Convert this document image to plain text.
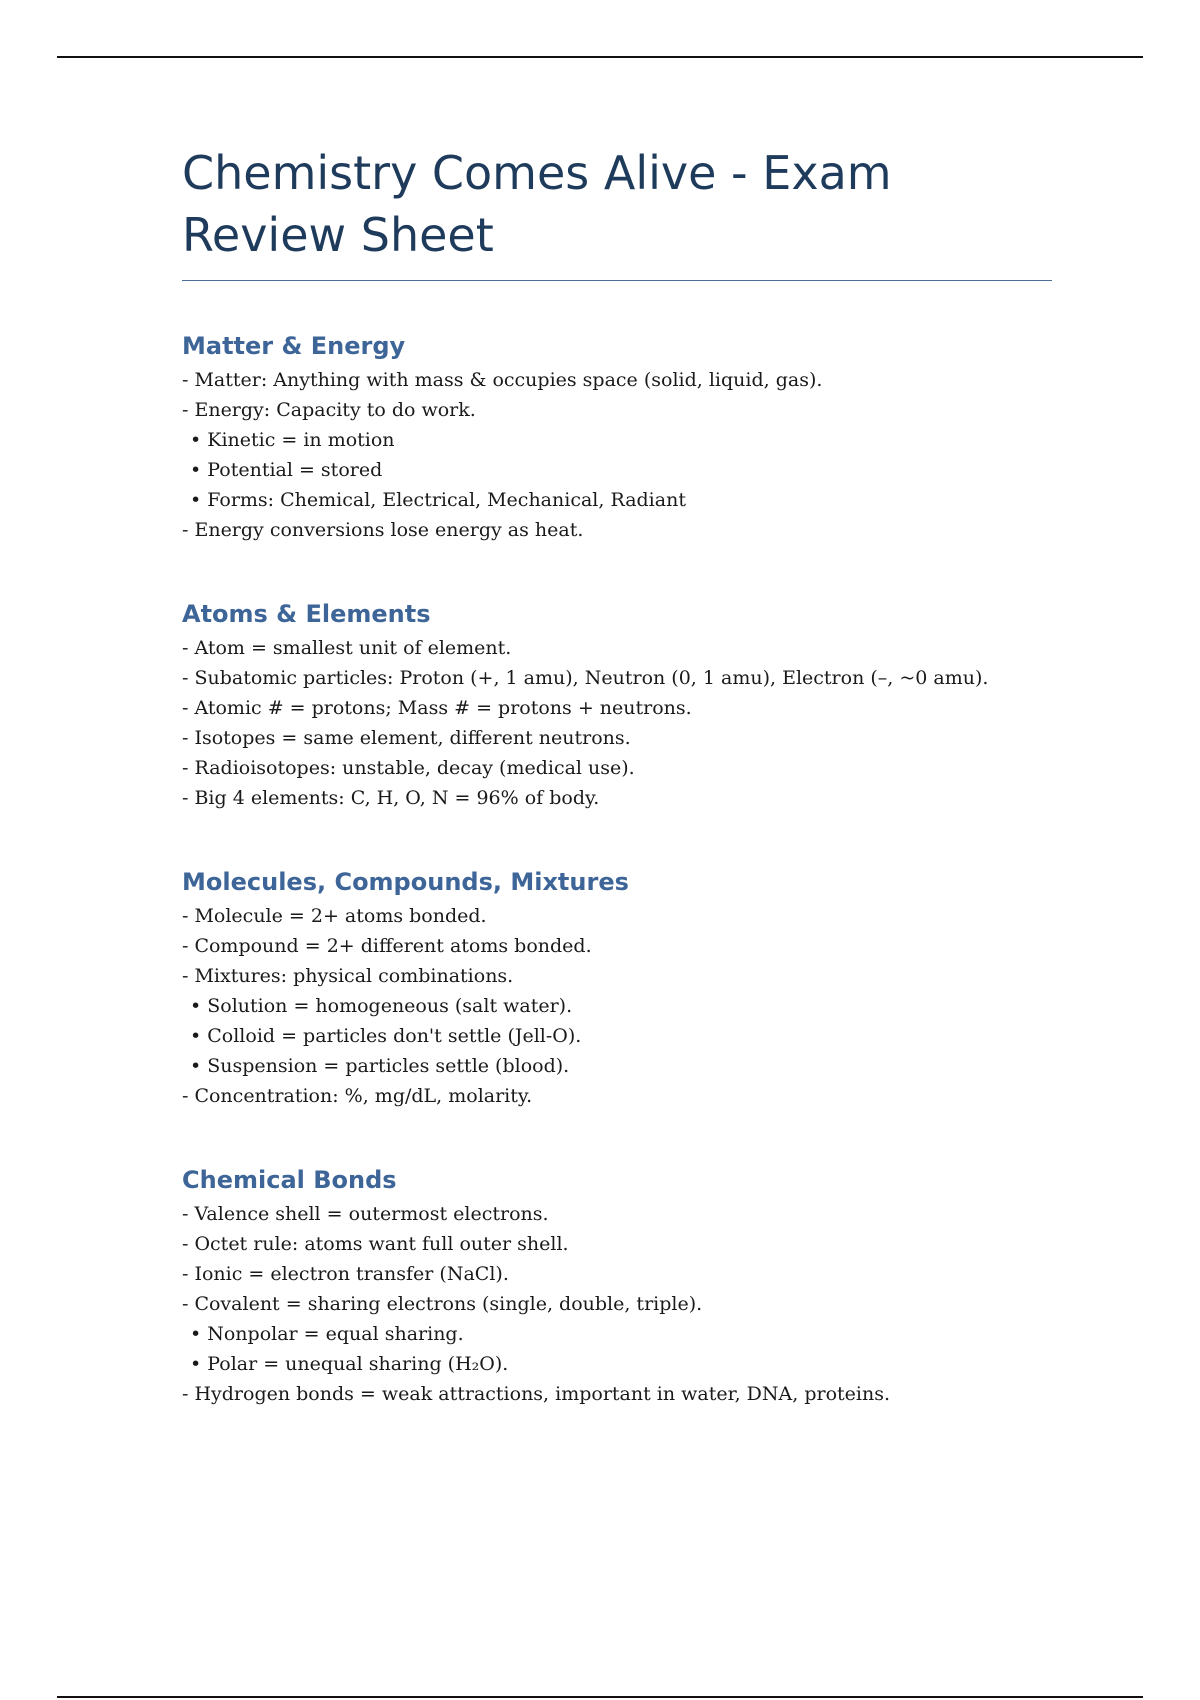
Chemistry Comes Alive - Exam Review Sheet
Matter & Energy
- Matter: Anything with mass & occupies space (solid, liquid, gas).
- Energy: Capacity to do work.
• Kinetic = in motion
• Potential = stored
• Forms: Chemical, Electrical, Mechanical, Radiant
- Energy conversions lose energy as heat.
Atoms & Elements
- Atom = smallest unit of element.
- Subatomic particles: Proton (+, 1 amu), Neutron (0, 1 amu), Electron (–, ~0 amu).
- Atomic # = protons; Mass # = protons + neutrons.
- Isotopes = same element, different neutrons.
- Radioisotopes: unstable, decay (medical use).
- Big 4 elements: C, H, O, N = 96% of body.
Molecules, Compounds, Mixtures
- Molecule = 2+ atoms bonded.
- Compound = 2+ different atoms bonded.
- Mixtures: physical combinations.
• Solution = homogeneous (salt water).
• Colloid = particles don't settle (Jell-O).
• Suspension = particles settle (blood).
- Concentration: %, mg/dL, molarity.
Chemical Bonds
- Valence shell = outermost electrons.
- Octet rule: atoms want full outer shell.
- Ionic = electron transfer (NaCl).
- Covalent = sharing electrons (single, double, triple).
• Nonpolar = equal sharing.
• Polar = unequal sharing (H₂O).
- Hydrogen bonds = weak attractions, important in water, DNA, proteins.
